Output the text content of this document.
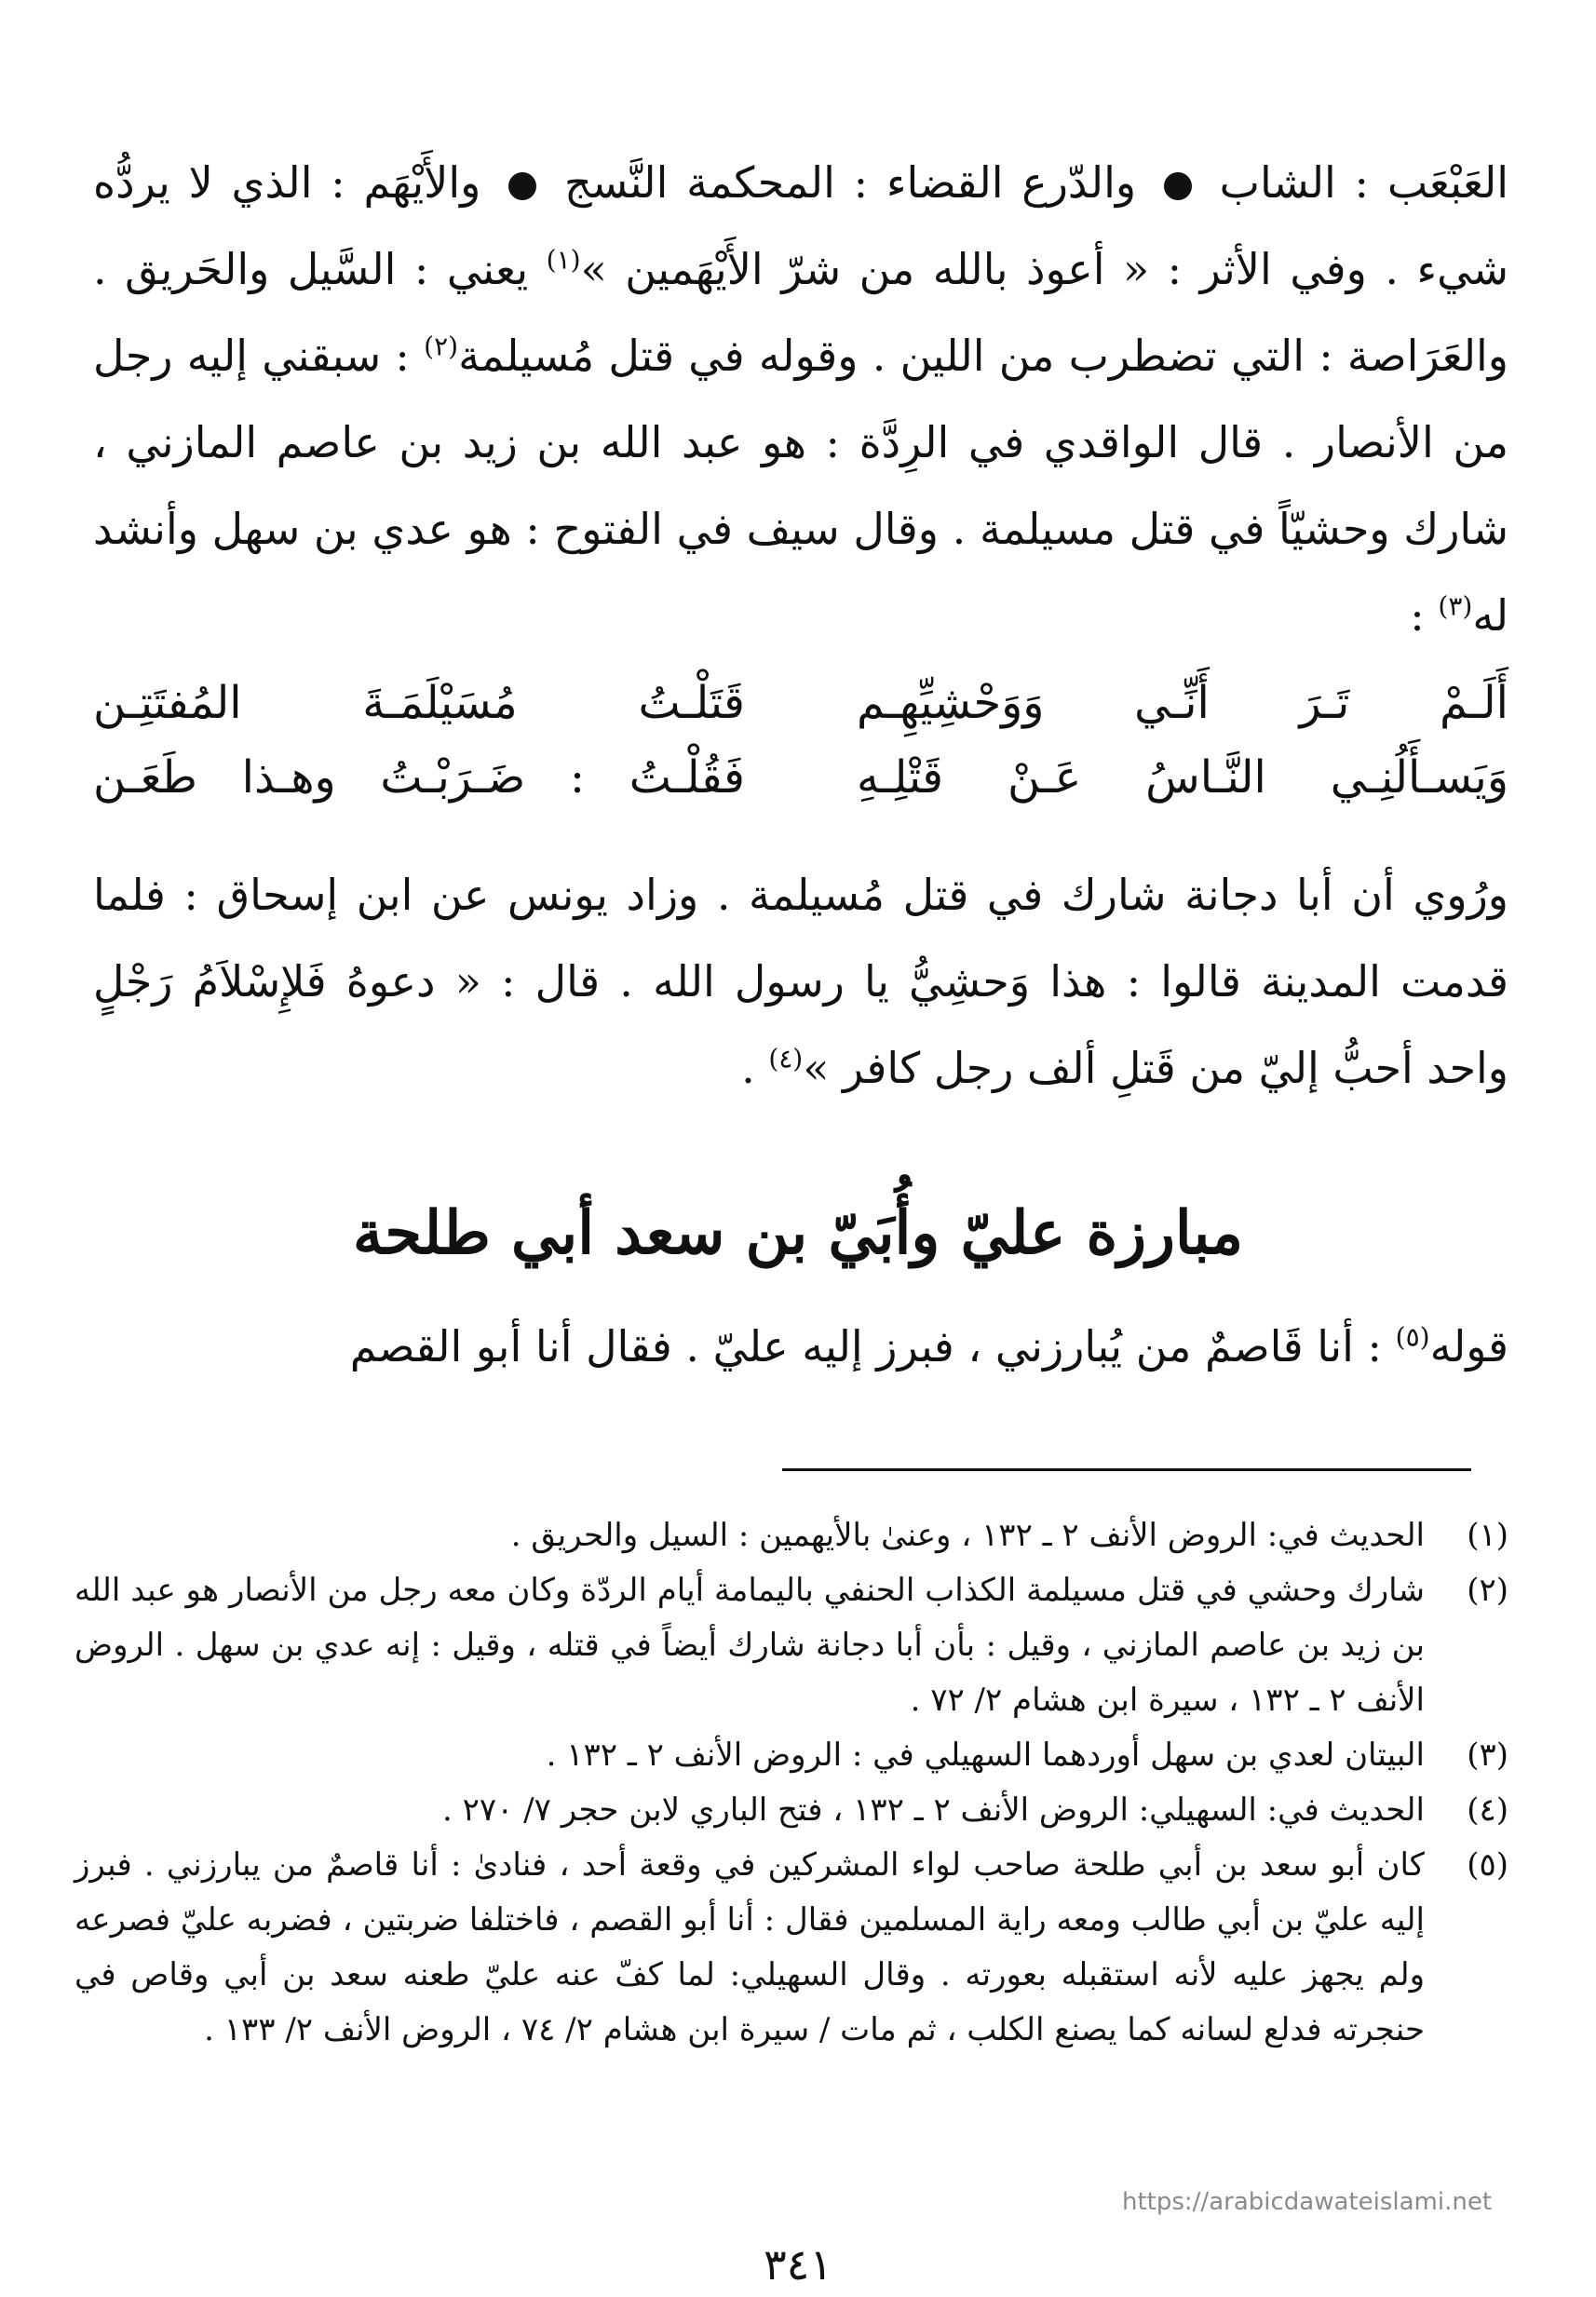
العَبْعَب : الشاب  والدّرع القضاء : المحكمة النَّسج  والأَيْهَم : الذي لا يردُّه شيء . وفي الأثر : « أعوذ بالله من شرّ الأَيْهَمين »$^{(١)}$ يعني : السَّيل والحَريق . والعَرَاصة : التي تضطرب من اللين . وقوله في قتل مُسيلمة$^{(٢)}$ : سبقني إليه رجل من الأنصار . قال الواقدي في الرِدَّة : هو عبد الله بن زيد بن عاصم المازني ، شارك وحشيّاً في قتل مسيلمة . وقال سيف في الفتوح : هو عدي بن سهل وأنشد له$^{(٣)}$ :

أَلَـمْ تَـرَ أَنِّـي وَوَحْشِيِّهِـم
قَتَلْـتُ مُسَيْلَمَـةَ المُفتَتِـن
وَيَسـأَلُنِـي النَّـاسُ عَـنْ قَتْلِـهِ
فَقُلْـتُ : ضَـرَبْـتُ وهـذا طَعَـن

ورُوي أن أبا دجانة شارك في قتل مُسيلمة . وزاد يونس عن ابن إسحاق : فلما قدمت المدينة قالوا : هذا وَحشِيُّ يا رسول الله . قال : « دعوهُ فَلإِسْلاَمُ رَجْلٍ واحد أحبُّ إليّ من قَتلِ ألف رجل كافر »$^{(٤)}$ .

مبارزة عليّ وأُبَيّ بن سعد أبي طلحة

قوله$^{(٥)}$ : أنا قَاصمٌ من يُبارزني ، فبرز إليه عليّ . فقال أنا أبو القصم

(١)
الحديث في: الروض الأنف ٢ ـ ١٣٢ ، وعنىٰ بالأيهمين : السيل والحريق .

(٢)
شارك وحشي في قتل مسيلمة الكذاب الحنفي باليمامة أيام الردّة وكان معه رجل من الأنصار هو عبد الله بن زيد بن عاصم المازني ، وقيل : بأن أبا دجانة شارك أيضاً في قتله ، وقيل : إنه عدي بن سهل . الروض الأنف ٢ ـ ١٣٢ ، سيرة ابن هشام ٢/ ٧٢ .

(٣)
البيتان لعدي بن سهل أوردهما السهيلي في : الروض الأنف ٢ ـ ١٣٢ .

(٤)
الحديث في: السهيلي: الروض الأنف ٢ ـ ١٣٢ ، فتح الباري لابن حجر ٧/ ٢٧٠ .

(٥)
كان أبو سعد بن أبي طلحة صاحب لواء المشركين في وقعة أحد ، فنادىٰ : أنا قاصمٌ من يبارزني . فبرز إليه عليّ بن أبي طالب ومعه راية المسلمين فقال : أنا أبو القصم ، فاختلفا ضربتين ، فضربه عليّ فصرعه ولم يجهز عليه لأنه استقبله بعورته . وقال السهيلي: لما كفّ عنه عليّ طعنه سعد بن أبي وقاص في حنجرته فدلع لسانه كما يصنع الكلب ، ثم مات / سيرة ابن هشام ٢/ ٧٤ ، الروض الأنف ٢/ ١٣٣ .

https://arabicdawateislami.net
٣٤١
